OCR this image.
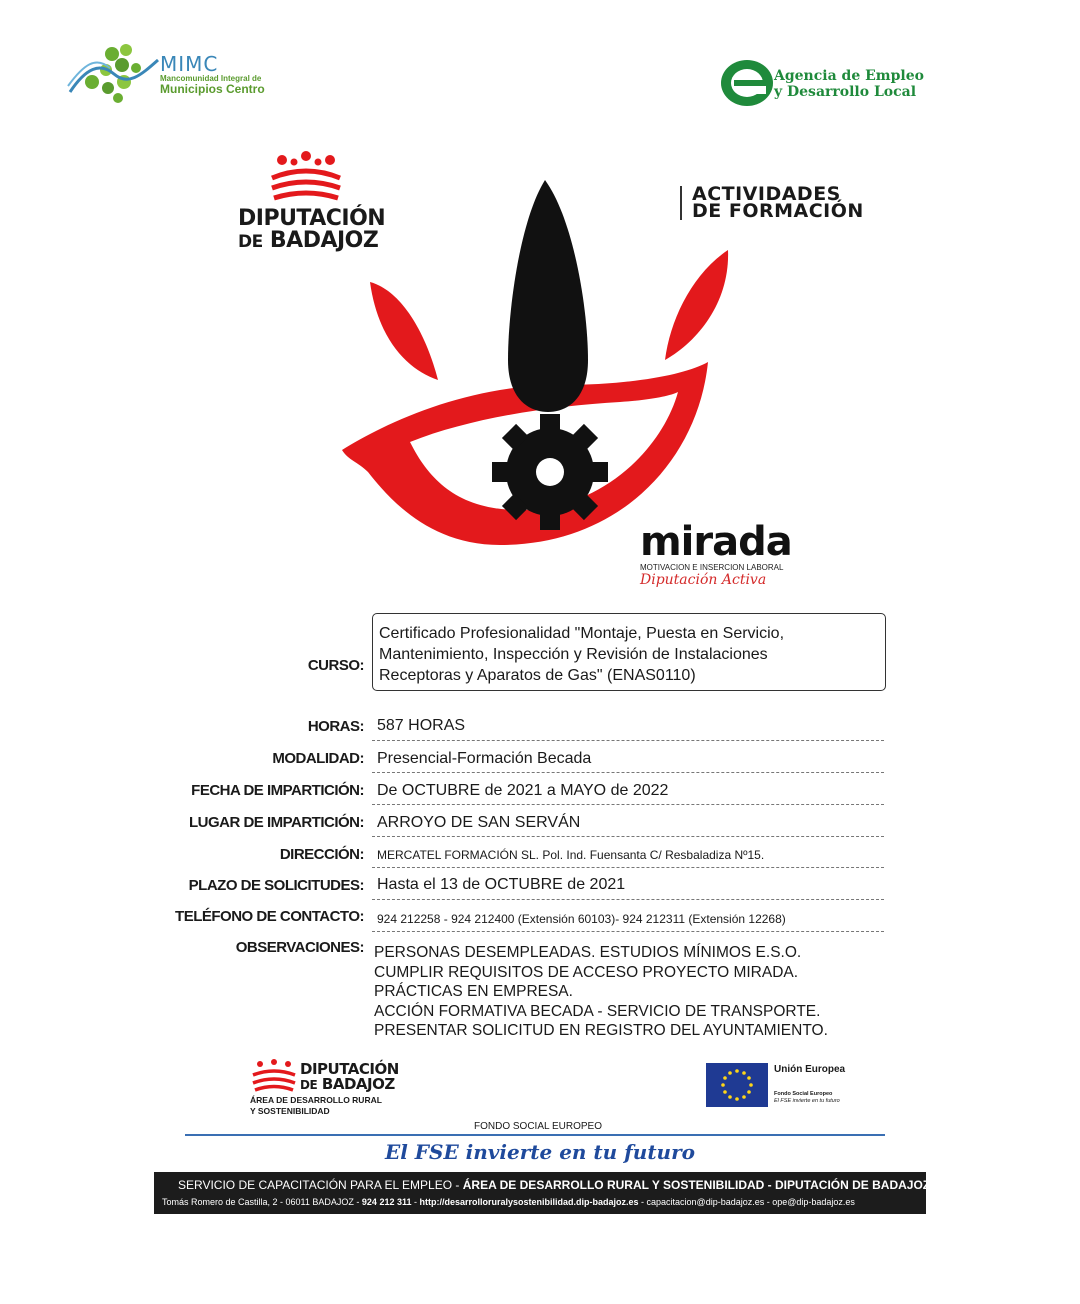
MIMC
Mancomunidad Integral de
Municipios Centro
Agencia de Empleo
y Desarrollo Local
DIPUTACIÓN
DE BADAJOZ
ACTIVIDADES
DE FORMACIÓN
mirada
MOTIVACION E INSERCION LABORAL
Diputación Activa
CURSO:
Certificado Profesionalidad "Montaje, Puesta en Servicio,
Mantenimiento, Inspección y Revisión de Instalaciones
Receptoras y Aparatos de Gas" (ENAS0110)
HORAS: 587 HORAS
MODALIDAD: Presencial-Formación Becada
FECHA DE IMPARTICIÓN: De OCTUBRE de 2021 a MAYO de 2022
LUGAR DE IMPARTICIÓN: ARROYO DE SAN SERVÁN
DIRECCIÓN: MERCATEL FORMACIÓN SL. Pol. Ind. Fuensanta C/ Resbaladiza Nº15.
PLAZO DE SOLICITUDES: Hasta el 13 de OCTUBRE de 2021
TELÉFONO DE CONTACTO: 924 212258 - 924 212400 (Extensión 60103)- 924 212311 (Extensión 12268)
OBSERVACIONES: PERSONAS DESEMPLEADAS. ESTUDIOS MÍNIMOS E.S.O.
CUMPLIR REQUISITOS DE ACCESO PROYECTO MIRADA.
PRÁCTICAS EN EMPRESA.
ACCIÓN FORMATIVA BECADA - SERVICIO DE TRANSPORTE.
PRESENTAR SOLICITUD EN REGISTRO DEL AYUNTAMIENTO.
DIPUTACIÓN
DE BADAJOZ
ÁREA DE DESARROLLO RURAL
Y SOSTENIBILIDAD
Unión Europea
Fondo Social Europeo
El FSE invierte en tu futuro
FONDO SOCIAL EUROPEO
El FSE invierte en tu futuro
SERVICIO DE CAPACITACIÓN PARA EL EMPLEO - ÁREA DE DESARROLLO RURAL Y SOSTENIBILIDAD - DIPUTACIÓN DE BADAJOZ
Tomás Romero de Castilla, 2 - 06011 BADAJOZ - 924 212 311 - http://desarrolloruralysostenibilidad.dip-badajoz.es - capacitacion@dip-badajoz.es - ope@dip-badajoz.es
